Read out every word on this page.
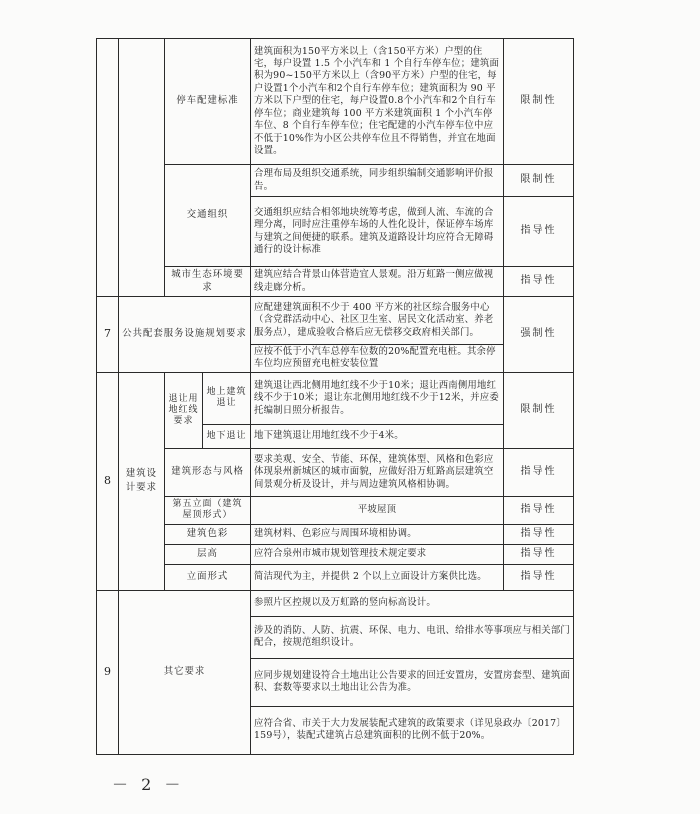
		停车配建标准		建筑面积为150平方米以上（含150平方米）户型的住宅，每户设置 1.5 个小汽车和 1 个自行车停车位；建筑面积为90~150平方米以上（含90平方米）户型的住宅，每户设置1个小汽车和2个自行车停车位；建筑面积为 90 平方米以下户型的住宅，每户设置0.8个小汽车和2个自行车停车位；商业建筑每 100 平方米建筑面积 1 个小汽车停车位、8 个自行车停车位；住宅配建的小汽车停车位中应不低于10%作为小区公共停车位且不得销售，并宜在地面设置。	限制性
		交通组织		合理布局及组织交通系统，同步组织编制交通影响评价报告。	限制性
				交通组织应结合相邻地块统筹考虑，做到人流、车流的合理分离，同时应注重停车场的人性化设计，保证停车场库与建筑之间便捷的联系。建筑及道路设计均应符合无障碍通行的设计标准	指导性
		城市生态环境要求		建筑应结合背景山体营造宜人景观。沿万虹路一侧应做视线走廊分析。	指导性
7	公共配套服务设施规划要求			应配建建筑面积不少于 400 平方米的社区综合服务中心（含党群活动中心、社区卫生室、居民文化活动室、养老服务点），建成验收合格后应无偿移交政府相关部门。	强制性
				应按不低于小汽车总停车位数的20%配置充电桩。其余停车位均应预留充电桩安装位置	
8	建筑设计要求	退让用地红线要求	地上建筑退让	建筑退让西北侧用地红线不少于10米；退让西南侧用地红线不少于10米；退让东北侧用地红线不少于12米，并应委托编制日照分析报告。	限制性
			地下退让	地下建筑退让用地红线不少于4米。	
		建筑形态与风格		要求美观、安全、节能、环保，建筑体型、风格和色彩应体现泉州新城区的城市面貌，应做好沿万虹路高层建筑空间景观分析及设计，并与周边建筑风格相协调。	指导性
		第五立面（建筑屋顶形式）		平坡屋顶	指导性
		建筑色彩		建筑材料、色彩应与周围环境相协调。	指导性
		层高		应符合泉州市城市规划管理技术规定要求	指导性
		立面形式		简洁现代为主，并提供 2 个以上立面设计方案供比选。	指导性
9	其它要求			参照片区控规以及万虹路的竖向标高设计。	
				涉及的消防、人防、抗震、环保、电力、电讯、给排水等事项应与相关部门配合，按规范组织设计。	
				应同步规划建设符合土地出让公告要求的回迁安置房，安置房套型、建筑面积、套数等要求以土地出让公告为准。	
				应符合省、市关于大力发展装配式建筑的政策要求（详见泉政办〔2017〕159号），装配式建筑占总建筑面积的比例不低于20%。	
－ 2 －
